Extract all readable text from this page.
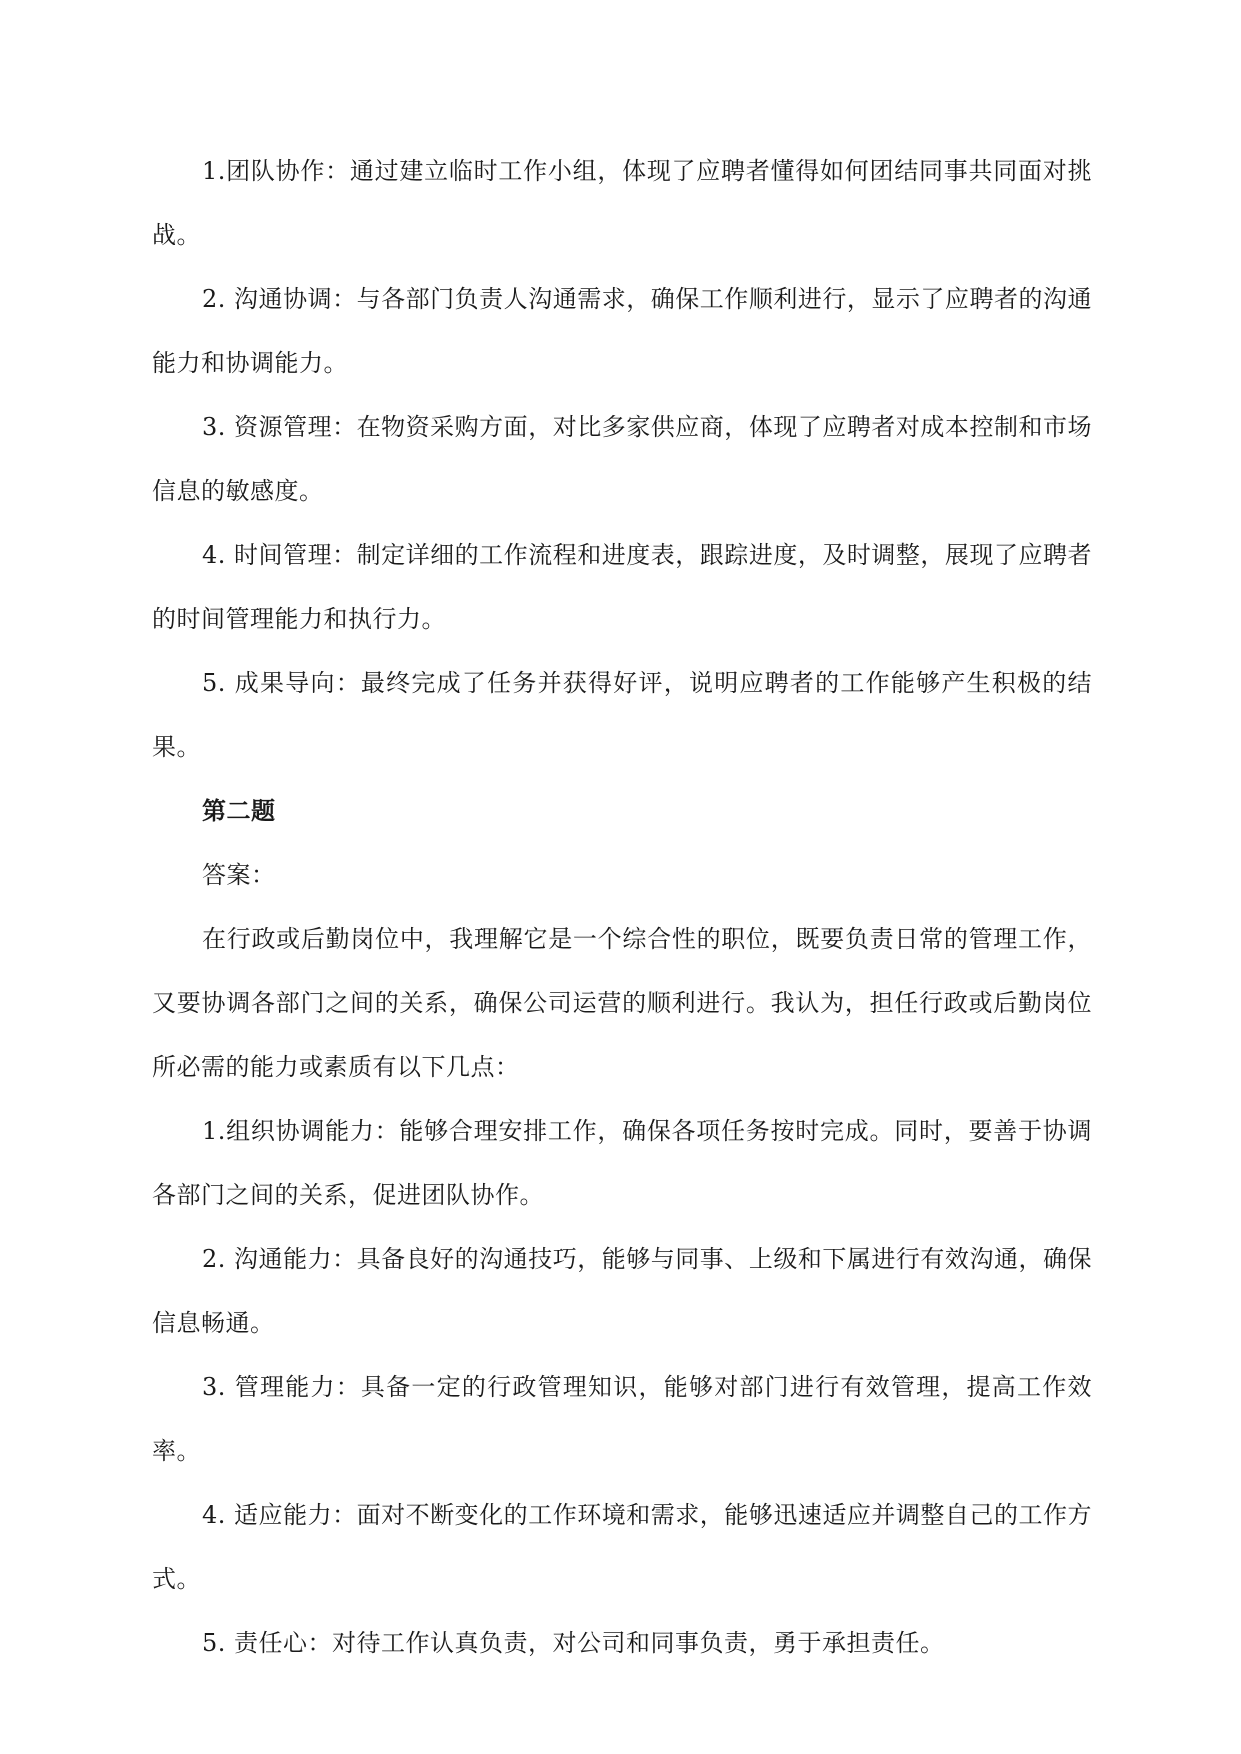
1.团队协作：通过建立临时工作小组，体现了应聘者懂得如何团结同事共同面对挑战。

2. 沟通协调：与各部门负责人沟通需求，确保工作顺利进行，显示了应聘者的沟通能力和协调能力。

3. 资源管理：在物资采购方面，对比多家供应商，体现了应聘者对成本控制和市场信息的敏感度。

4. 时间管理：制定详细的工作流程和进度表，跟踪进度，及时调整，展现了应聘者的时间管理能力和执行力。

5. 成果导向：最终完成了任务并获得好评，说明应聘者的工作能够产生积极的结果。

第二题

答案：

在行政或后勤岗位中，我理解它是一个综合性的职位，既要负责日常的管理工作，又要协调各部门之间的关系，确保公司运营的顺利进行。我认为，担任行政或后勤岗位所必需的能力或素质有以下几点：

1.组织协调能力：能够合理安排工作，确保各项任务按时完成。同时，要善于协调各部门之间的关系，促进团队协作。

2. 沟通能力：具备良好的沟通技巧，能够与同事、上级和下属进行有效沟通，确保信息畅通。

3. 管理能力：具备一定的行政管理知识，能够对部门进行有效管理，提高工作效率。

4. 适应能力：面对不断变化的工作环境和需求，能够迅速适应并调整自己的工作方式。

5. 责任心：对待工作认真负责，对公司和同事负责，勇于承担责任。
